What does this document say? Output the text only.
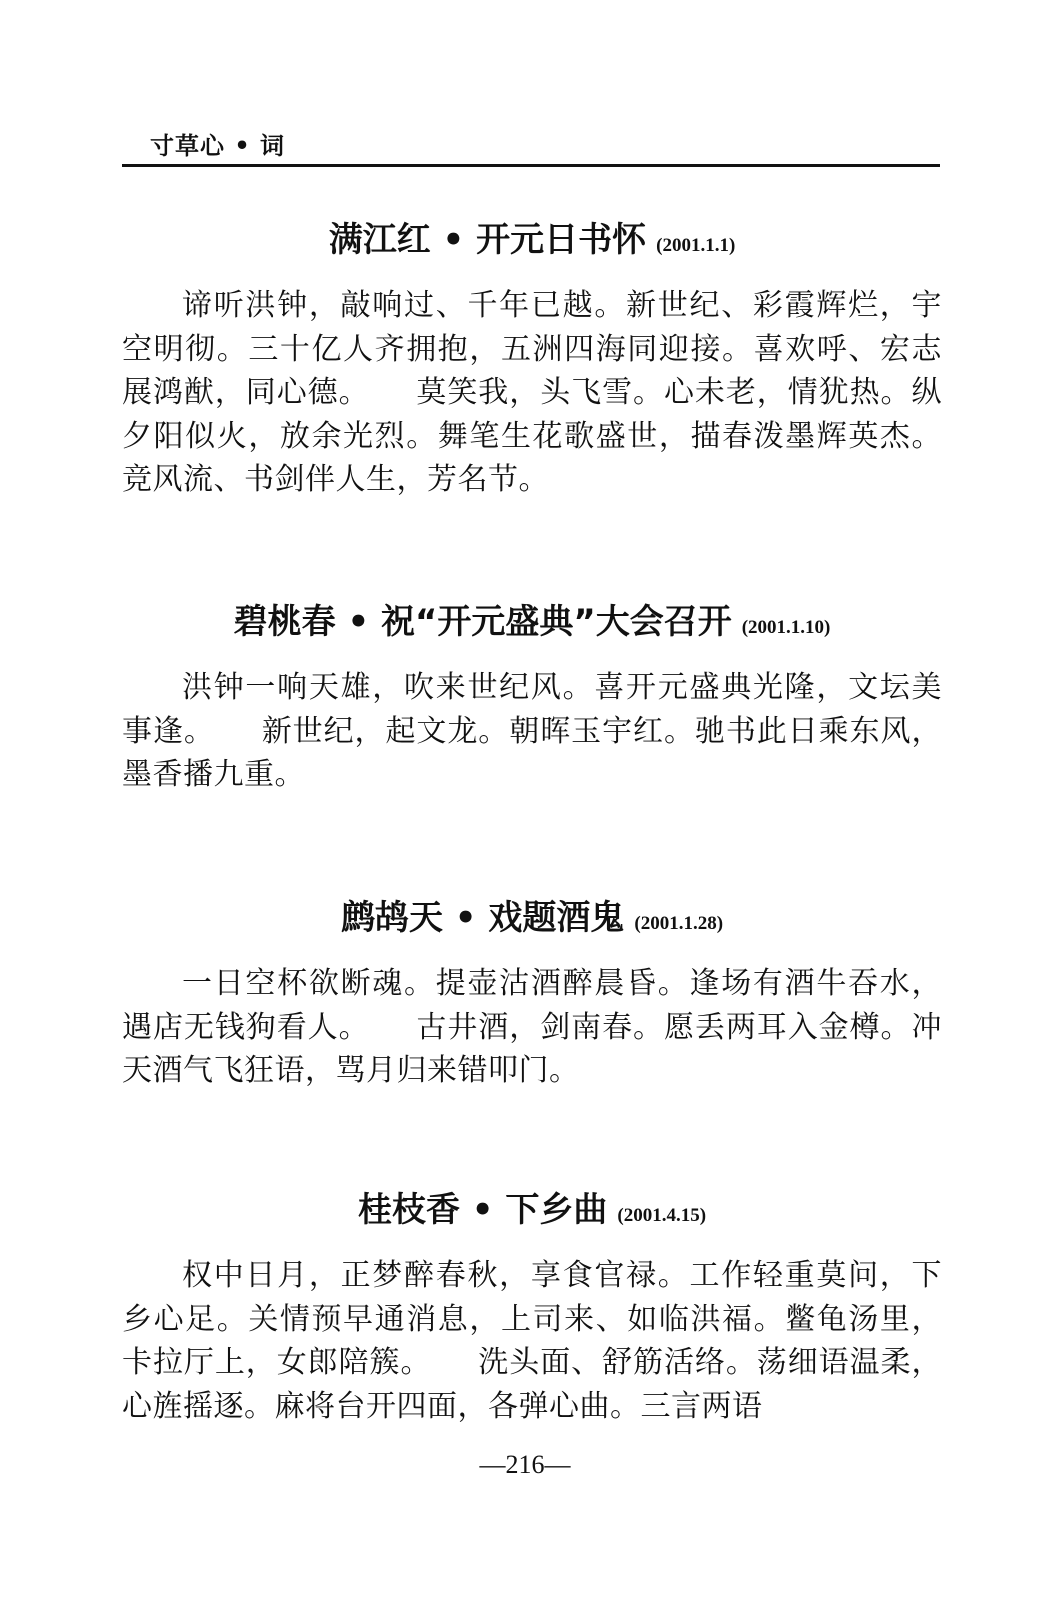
寸草心 • 词
满江红 • 开元日书怀 (2001.1.1)
谛听洪钟，敲响过、千年已越。新世纪、彩霞辉烂，宇空明彻。三十亿人齐拥抱，五洲四海同迎接。喜欢呼、宏志展鸿猷，同心德。　　莫笑我，头飞雪。心未老，情犹热。纵夕阳似火，放余光烈。舞笔生花歌盛世，描春泼墨辉英杰。竞风流、书剑伴人生，芳名节。
碧桃春 • 祝“开元盛典”大会召开 (2001.1.10)
洪钟一响天雄，吹来世纪风。喜开元盛典光隆，文坛美事逢。　　新世纪，起文龙。朝晖玉宇红。驰书此日乘东风，墨香播九重。
鹧鸪天 • 戏题酒鬼 (2001.1.28)
一日空杯欲断魂。提壶沽酒醉晨昏。逢场有酒牛吞水，遇店无钱狗看人。　　古井酒，剑南春。愿丢两耳入金樽。冲天酒气飞狂语，骂月归来错叩门。
桂枝香 • 下乡曲 (2001.4.15)
权中日月，正梦醉春秋，享食官禄。工作轻重莫问，下乡心足。关情预早通消息，上司来、如临洪福。鳖龟汤里，卡拉厅上，女郎陪簇。　　洗头面、舒筋活络。荡细语温柔，心旌摇逐。麻将台开四面，各弹心曲。三言两语
—216—
